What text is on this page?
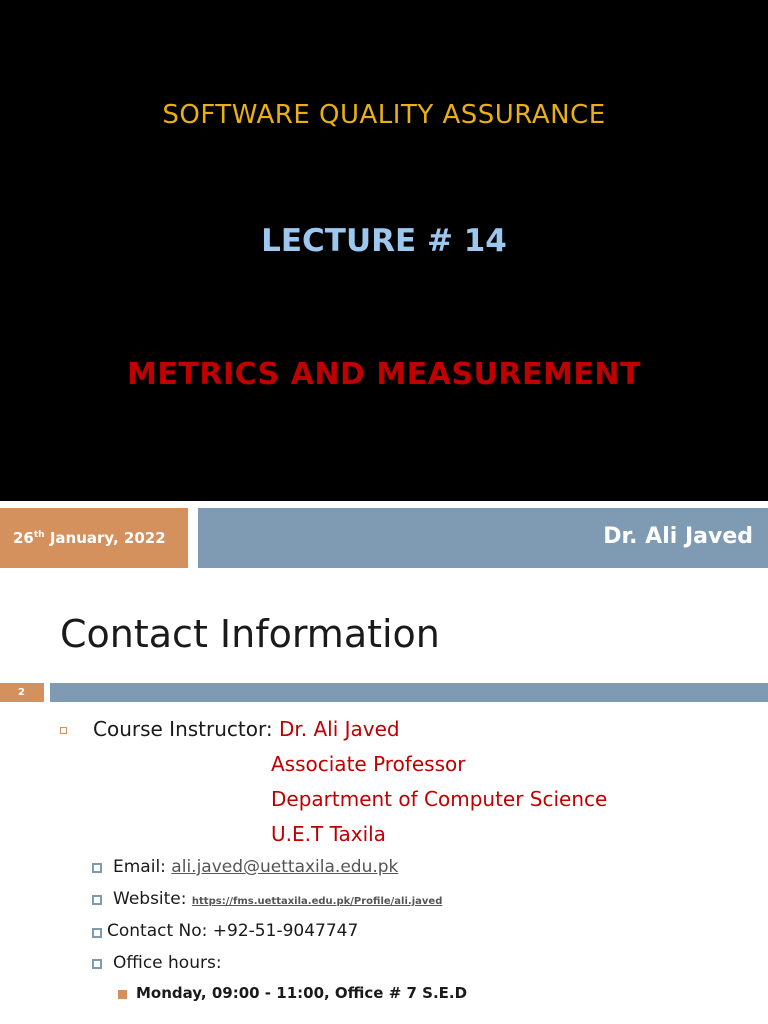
SOFTWARE QUALITY ASSURANCE
LECTURE # 14
METRICS AND MEASUREMENT
26th January, 2022	Dr. Ali Javed
Contact Information
2
Course Instructor: Dr. Ali Javed
Associate Professor
Department of Computer Science
U.E.T Taxila
Email: ali.javed@uettaxila.edu.pk
Website: https://fms.uettaxila.edu.pk/Profile/ali.javed
Contact No: +92-51-9047747
Office hours:
Monday, 09:00 - 11:00, Office # 7 S.E.D
